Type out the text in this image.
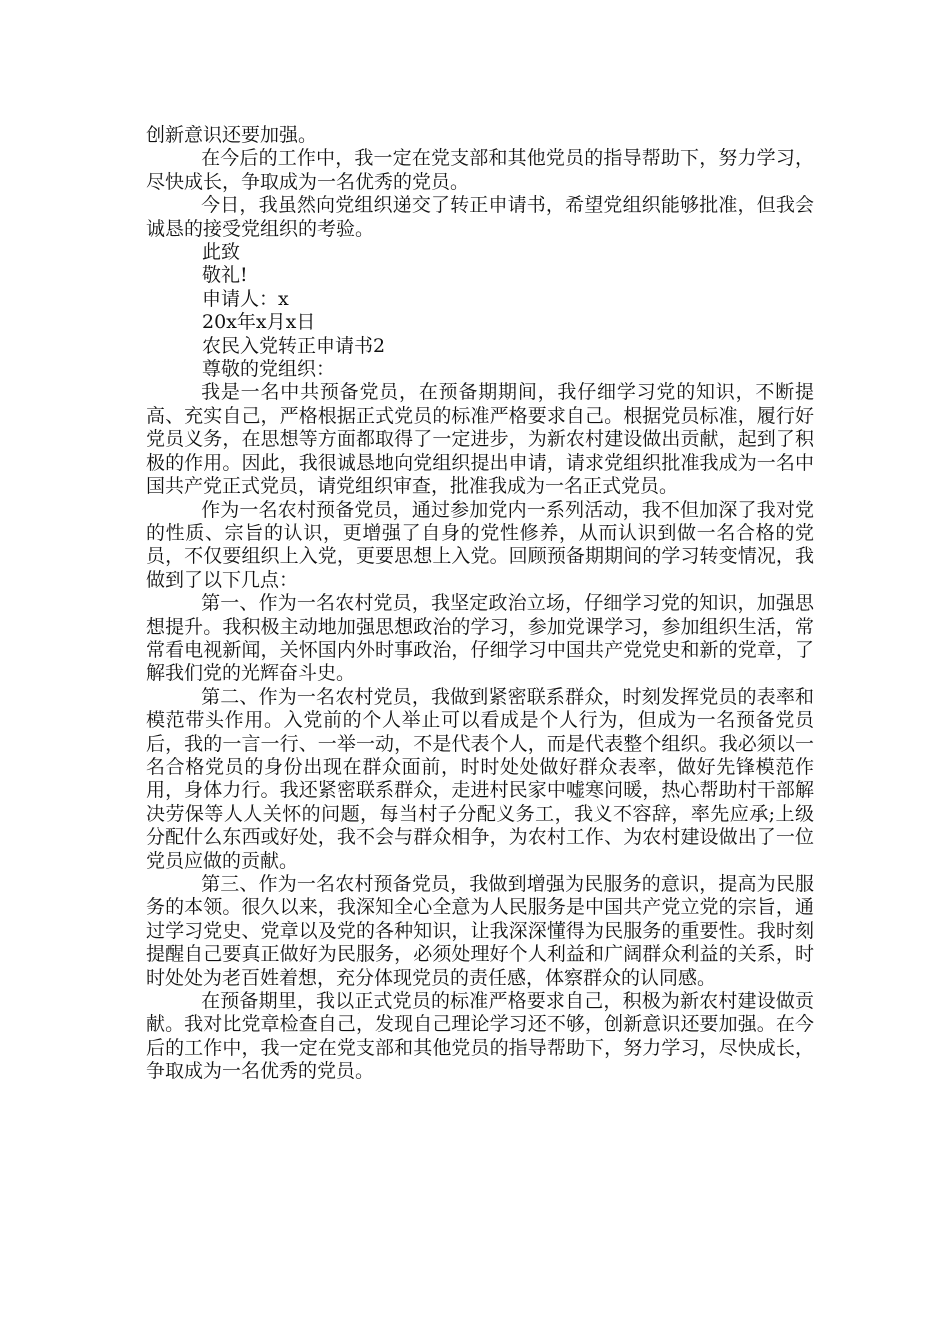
创新意识还要加强。

在今后的工作中，我一定在党支部和其他党员的指导帮助下，努力学习，尽快成长，争取成为一名优秀的党员。

今日，我虽然向党组织递交了转正申请书，希望党组织能够批准，但我会诚恳的接受党组织的考验。

此致

敬礼!

申请人：x

20x年x月x日

农民入党转正申请书2

尊敬的党组织：

我是一名中共预备党员，在预备期期间，我仔细学习党的知识，不断提高、充实自己，严格根据正式党员的标准严格要求自己。根据党员标准，履行好党员义务，在思想等方面都取得了一定进步，为新农村建设做出贡献，起到了积极的作用。因此，我很诚恳地向党组织提出申请，请求党组织批准我成为一名中国共产党正式党员，请党组织审查，批准我成为一名正式党员。

作为一名农村预备党员，通过参加党内一系列活动，我不但加深了我对党的性质、宗旨的认识，更增强了自身的党性修养，从而认识到做一名合格的党员，不仅要组织上入党，更要思想上入党。回顾预备期期间的学习转变情况，我做到了以下几点：

第一、作为一名农村党员，我坚定政治立场，仔细学习党的知识，加强思想提升。我积极主动地加强思想政治的学习，参加党课学习，参加组织生活，常常看电视新闻，关怀国内外时事政治，仔细学习中国共产党党史和新的党章，了解我们党的光辉奋斗史。

第二、作为一名农村党员，我做到紧密联系群众，时刻发挥党员的表率和模范带头作用。入党前的个人举止可以看成是个人行为，但成为一名预备党员后，我的一言一行、一举一动，不是代表个人，而是代表整个组织。我必须以一名合格党员的身份出现在群众面前，时时处处做好群众表率，做好先锋模范作用，身体力行。我还紧密联系群众，走进村民家中嘘寒问暖，热心帮助村干部解决劳保等人人关怀的问题，每当村子分配义务工，我义不容辞，率先应承;上级分配什么东西或好处，我不会与群众相争，为农村工作、为农村建设做出了一位党员应做的贡献。

第三、作为一名农村预备党员，我做到增强为民服务的意识，提高为民服务的本领。很久以来，我深知全心全意为人民服务是中国共产党立党的宗旨，通过学习党史、党章以及党的各种知识，让我深深懂得为民服务的重要性。我时刻提醒自己要真正做好为民服务，必须处理好个人利益和广阔群众利益的关系，时时处处为老百姓着想，充分体现党员的责任感，体察群众的认同感。

在预备期里，我以正式党员的标准严格要求自己，积极为新农村建设做贡献。我对比党章检查自己，发现自己理论学习还不够，创新意识还要加强。在今后的工作中，我一定在党支部和其他党员的指导帮助下，努力学习，尽快成长，争取成为一名优秀的党员。
